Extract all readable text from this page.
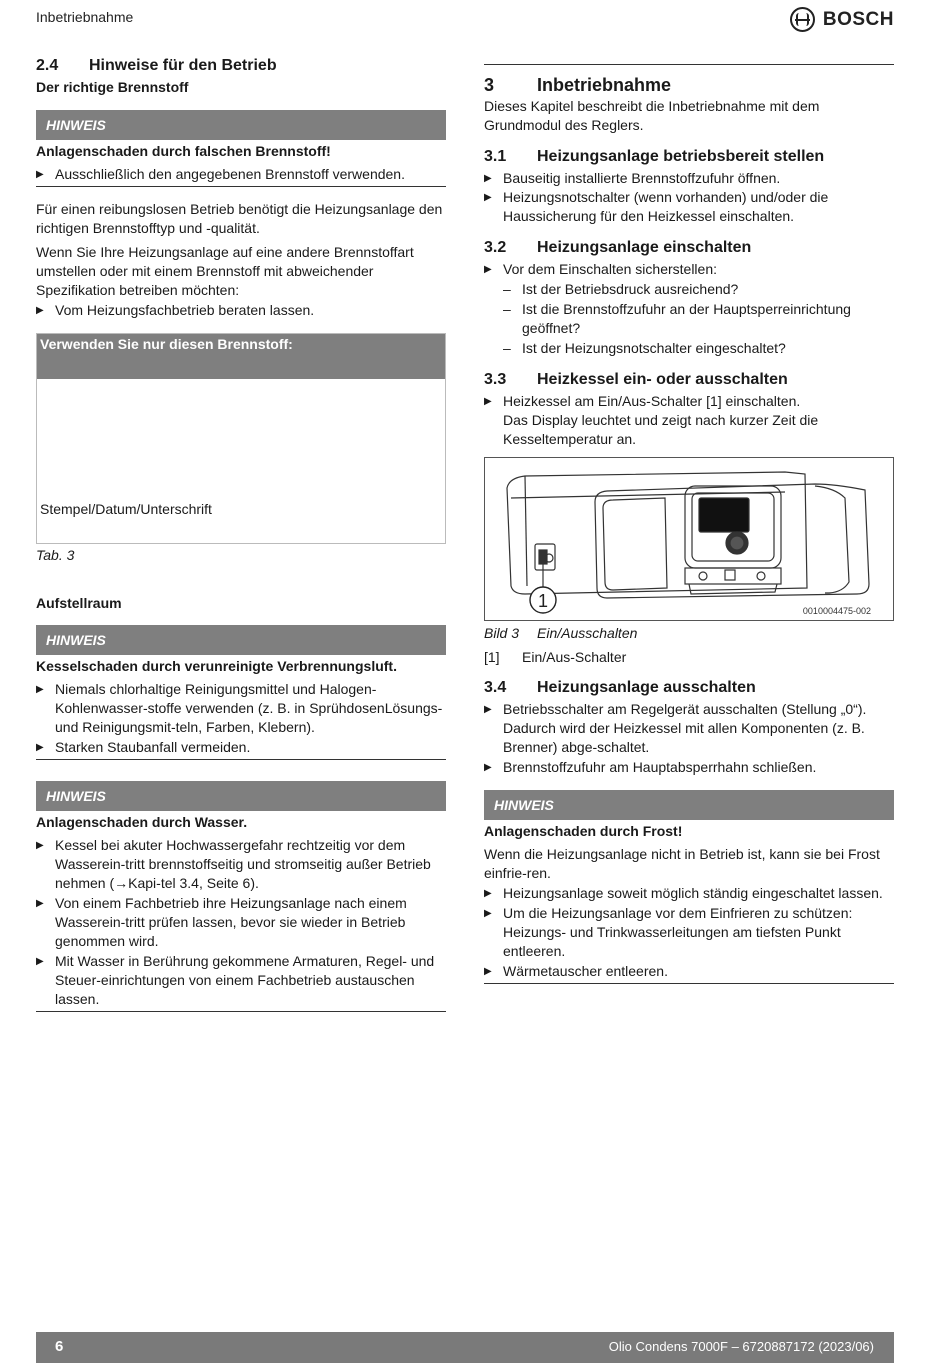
Inbetriebnahme	BOSCH
2.4	Hinweise für den Betrieb
Der richtige Brennstoff
HINWEIS
Anlagenschaden durch falschen Brennstoff!
▶ Ausschließlich den angegebenen Brennstoff verwenden.

Für einen reibungslosen Betrieb benötigt die Heizungsanlage den richtigen Brennstofftyp und -qualität.

Wenn Sie Ihre Heizungsanlage auf eine andere Brennstoffart umstellen oder mit einem Brennstoff mit abweichender Spezifikation betreiben möchten:

▶ Vom Heizungsfachbetrieb beraten lassen.
Verwenden Sie nur diesen Brennstoff:
Stempel/Datum/Unterschrift
Tab. 3
Aufstellraum
HINWEIS
Kesselschaden durch verunreinigte Verbrennungsluft.
▶ Niemals chlorhaltige Reinigungsmittel und Halogen-Kohlenwasser-stoffe verwenden (z. B. in SprühdosenLösungs- und Reinigungsmit-teln, Farben, Klebern).
▶ Starken Staubanfall vermeiden.
HINWEIS
Anlagenschaden durch Wasser.
▶ Kessel bei akuter Hochwassergefahr rechtzeitig vor dem Wasserein-tritt brennstoffseitig und stromseitig außer Betrieb nehmen (→Kapi-tel 3.4, Seite 6).
▶ Von einem Fachbetrieb ihre Heizungsanlage nach einem Wasserein-tritt prüfen lassen, bevor sie wieder in Betrieb genommen wird.
▶ Mit Wasser in Berührung gekommene Armaturen, Regel- und Steuer-einrichtungen von einem Fachbetrieb austauschen lassen.
3	Inbetriebnahme

Dieses Kapitel beschreibt die Inbetriebnahme mit dem Grundmodul des Reglers.

3.1	Heizungsanlage betriebsbereit stellen
▶ Bauseitig installierte Brennstoffzufuhr öffnen.
▶ Heizungsnotschalter (wenn vorhanden) und/oder die Haussicherung für den Heizkessel einschalten.
3.2	Heizungsanlage einschalten
▶ Vor dem Einschalten sicherstellen:
– Ist der Betriebsdruck ausreichend?
– Ist die Brennstoffzufuhr an der Hauptsperreinrichtung geöffnet?
– Ist der Heizungsnotschalter eingeschaltet?
3.3	Heizkessel ein- oder ausschalten
▶ Heizkessel am Ein/Aus-Schalter [1] einschalten.
Das Display leuchtet und zeigt nach kurzer Zeit die Kesseltemperatur an.
1	0010004475-002
Bild 3	Ein/Ausschalten
[1]	Ein/Aus-Schalter
3.4	Heizungsanlage ausschalten
▶ Betriebsschalter am Regelgerät ausschalten (Stellung „0“). Dadurch wird der Heizkessel mit allen Komponenten (z. B. Brenner) abge-schaltet.
▶ Brennstoffzufuhr am Hauptabsperrhahn schließen.
HINWEIS
Anlagenschaden durch Frost!

Wenn die Heizungsanlage nicht in Betrieb ist, kann sie bei Frost einfrie-ren.

▶ Heizungsanlage soweit möglich ständig eingeschaltet lassen.
▶ Um die Heizungsanlage vor dem Einfrieren zu schützen: Heizungs- und Trinkwasserleitungen am tiefsten Punkt entleeren.
▶ Wärmetauscher entleeren.
6	Olio Condens 7000F – 6720887172 (2023/06)
